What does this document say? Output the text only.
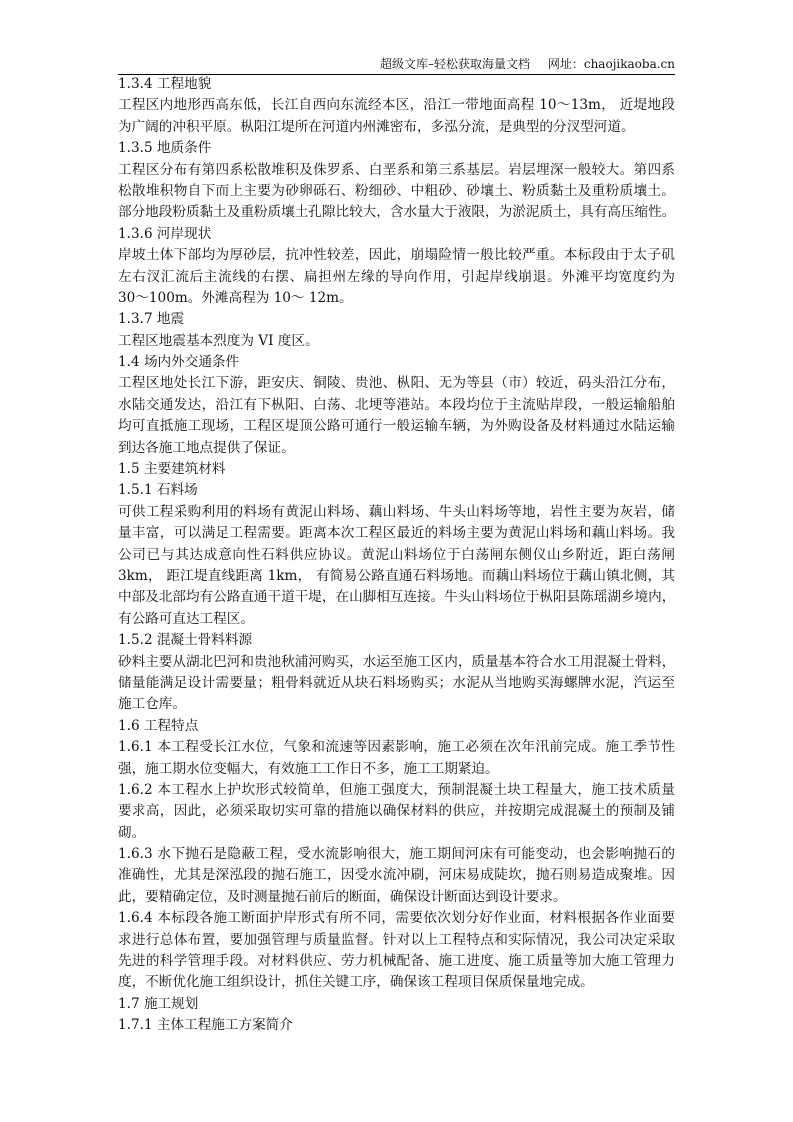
超级文库–轻松获取海量文档 网址：chaojikaoba.cn
1.3.4 工程地貌
工程区内地形西高东低，长江自西向东流经本区，沿江一带地面高程 10～13m， 近堤地段
为广阔的冲积平原。枞阳江堤所在河道内州滩密布，多泓分流，是典型的分汊型河道。
1.3.5 地质条件
工程区分布有第四系松散堆积及侏罗系、白垩系和第三系基层。岩层埋深一般较大。第四系
松散堆积物自下而上主要为砂卵砾石、粉细砂、中粗砂、砂壤土、粉质黏土及重粉质壤土。
部分地段粉质黏土及重粉质壤土孔隙比较大，含水量大于液限，为淤泥质土，具有高压缩性。
1.3.6 河岸现状
岸坡土体下部均为厚砂层，抗冲性较差，因此，崩塌险情一般比较严重。本标段由于太子矶
左右汊汇流后主流线的右摆、扁担州左缘的导向作用，引起岸线崩退。外滩平均宽度约为
30～100m。外滩高程为 10～ 12m。
1.3.7 地震
工程区地震基本烈度为 VI 度区。
1.4 场内外交通条件
工程区地处长江下游，距安庆、铜陵、贵池、枞阳、无为等县（市）较近，码头沿江分布，
水陆交通发达，沿江有下枞阳、白荡、北埂等港站。本段均位于主流贴岸段，一般运输船舶
均可直抵施工现场，工程区堤顶公路可通行一般运输车辆，为外购设备及材料通过水陆运输
到达各施工地点提供了保证。
1.5 主要建筑材料
1.5.1 石料场
可供工程采购利用的料场有黄泥山料场、藕山料场、牛头山料场等地，岩性主要为灰岩，储
量丰富，可以满足工程需要。距离本次工程区最近的料场主要为黄泥山料场和藕山料场。我
公司已与其达成意向性石料供应协议。黄泥山料场位于白荡闸东侧仪山乡附近，距白荡闸
3km， 距江堤直线距离 1km， 有简易公路直通石料场地。而藕山料场位于藕山镇北侧，其
中部及北部均有公路直通干道干堤，在山脚相互连接。牛头山料场位于枞阳县陈瑶湖乡境内，
有公路可直达工程区。
1.5.2 混凝土骨料料源
砂料主要从湖北巴河和贵池秋浦河购买，水运至施工区内，质量基本符合水工用混凝土骨料，
储量能满足设计需要量；粗骨料就近从块石料场购买；水泥从当地购买海螺牌水泥，汽运至
施工仓库。
1.6 工程特点
1.6.1 本工程受长江水位，气象和流速等因素影响，施工必须在次年汛前完成。施工季节性
强，施工期水位变幅大，有效施工工作日不多，施工工期紧迫。
1.6.2 本工程水上护坎形式较简单，但施工强度大，预制混凝土块工程量大，施工技术质量
要求高，因此，必须采取切实可靠的措施以确保材料的供应，并按期完成混凝土的预制及铺
砌。
1.6.3 水下抛石是隐蔽工程，受水流影响很大，施工期间河床有可能变动，也会影响抛石的
准确性，尤其是深泓段的抛石施工，因受水流冲刷，河床易成陡坎，抛石则易造成聚堆。因
此，要精确定位，及时测量抛石前后的断面，确保设计断面达到设计要求。
1.6.4 本标段各施工断面护岸形式有所不同，需要依次划分好作业面，材料根据各作业面要
求进行总体布置，要加强管理与质量监督。针对以上工程特点和实际情况，我公司决定采取
先进的科学管理手段。对材料供应、劳力机械配备、施工进度、施工质量等加大施工管理力
度，不断优化施工组织设计，抓住关键工序，确保该工程项目保质保量地完成。
1.7 施工规划
1.7.1 主体工程施工方案简介
